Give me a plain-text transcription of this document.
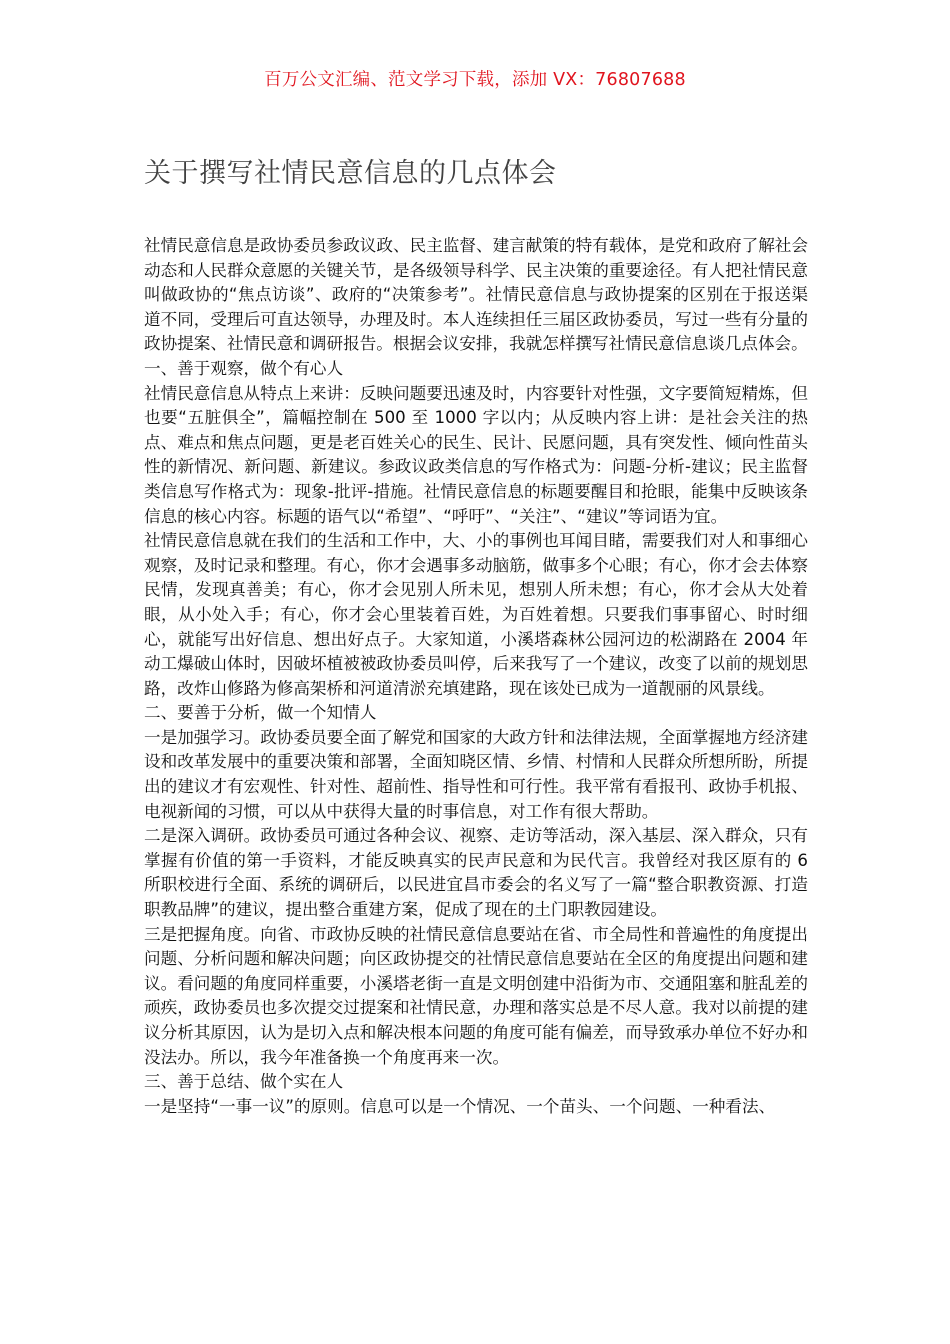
百万公文汇编、范文学习下载，添加 VX：76807688
关于撰写社情民意信息的几点体会

社情民意信息是政协委员参政议政、民主监督、建言献策的特有载体，是党和政府了解社会动态和人民群众意愿的关键关节，是各级领导科学、民主决策的重要途径。有人把社情民意叫做政协的“焦点访谈”、政府的“决策参考”。社情民意信息与政协提案的区别在于报送渠道不同，受理后可直达领导，办理及时。本人连续担任三届区政协委员，写过一些有分量的政协提案、社情民意和调研报告。根据会议安排，我就怎样撰写社情民意信息谈几点体会。

一、善于观察，做个有心人

社情民意信息从特点上来讲：反映问题要迅速及时，内容要针对性强，文字要简短精炼，但也要“五脏俱全”，篇幅控制在 500 至 1000 字以内；从反映内容上讲：是社会关注的热点、难点和焦点问题，更是老百姓关心的民生、民计、民愿问题，具有突发性、倾向性苗头性的新情况、新问题、新建议。参政议政类信息的写作格式为：问题-分析-建议；民主监督类信息写作格式为：现象-批评-措施。社情民意信息的标题要醒目和抢眼，能集中反映该条信息的核心内容。标题的语气以“希望”、“呼吁”、“关注”、“建议”等词语为宜。

社情民意信息就在我们的生活和工作中，大、小的事例也耳闻目睹，需要我们对人和事细心观察，及时记录和整理。有心，你才会遇事多动脑筋，做事多个心眼；有心，你才会去体察民情，发现真善美；有心，你才会见别人所未见，想别人所未想；有心，你才会从大处着眼，从小处入手；有心，你才会心里装着百姓，为百姓着想。只要我们事事留心、时时细心，就能写出好信息、想出好点子。大家知道，小溪塔森林公园河边的松湖路在 2004 年动工爆破山体时，因破坏植被被政协委员叫停，后来我写了一个建议，改变了以前的规划思路，改炸山修路为修高架桥和河道清淤充填建路，现在该处已成为一道靓丽的风景线。

二、要善于分析，做一个知情人

一是加强学习。政协委员要全面了解党和国家的大政方针和法律法规，全面掌握地方经济建设和改革发展中的重要决策和部署，全面知晓区情、乡情、村情和人民群众所想所盼，所提出的建议才有宏观性、针对性、超前性、指导性和可行性。我平常有看报刊、政协手机报、电视新闻的习惯，可以从中获得大量的时事信息，对工作有很大帮助。

二是深入调研。政协委员可通过各种会议、视察、走访等活动，深入基层、深入群众，只有掌握有价值的第一手资料，才能反映真实的民声民意和为民代言。我曾经对我区原有的 6 所职校进行全面、系统的调研后，以民进宜昌市委会的名义写了一篇“整合职教资源、打造职教品牌”的建议，提出整合重建方案，促成了现在的土门职教园建设。

三是把握角度。向省、市政协反映的社情民意信息要站在省、市全局性和普遍性的角度提出问题、分析问题和解决问题；向区政协提交的社情民意信息要站在全区的角度提出问题和建议。看问题的角度同样重要，小溪塔老街一直是文明创建中沿街为市、交通阻塞和脏乱差的顽疾，政协委员也多次提交过提案和社情民意，办理和落实总是不尽人意。我对以前提的建议分析其原因，认为是切入点和解决根本问题的角度可能有偏差，而导致承办单位不好办和没法办。所以，我今年准备换一个角度再来一次。

三、善于总结、做个实在人

一是坚持“一事一议”的原则。信息可以是一个情况、一个苗头、一个问题、一种看法、
